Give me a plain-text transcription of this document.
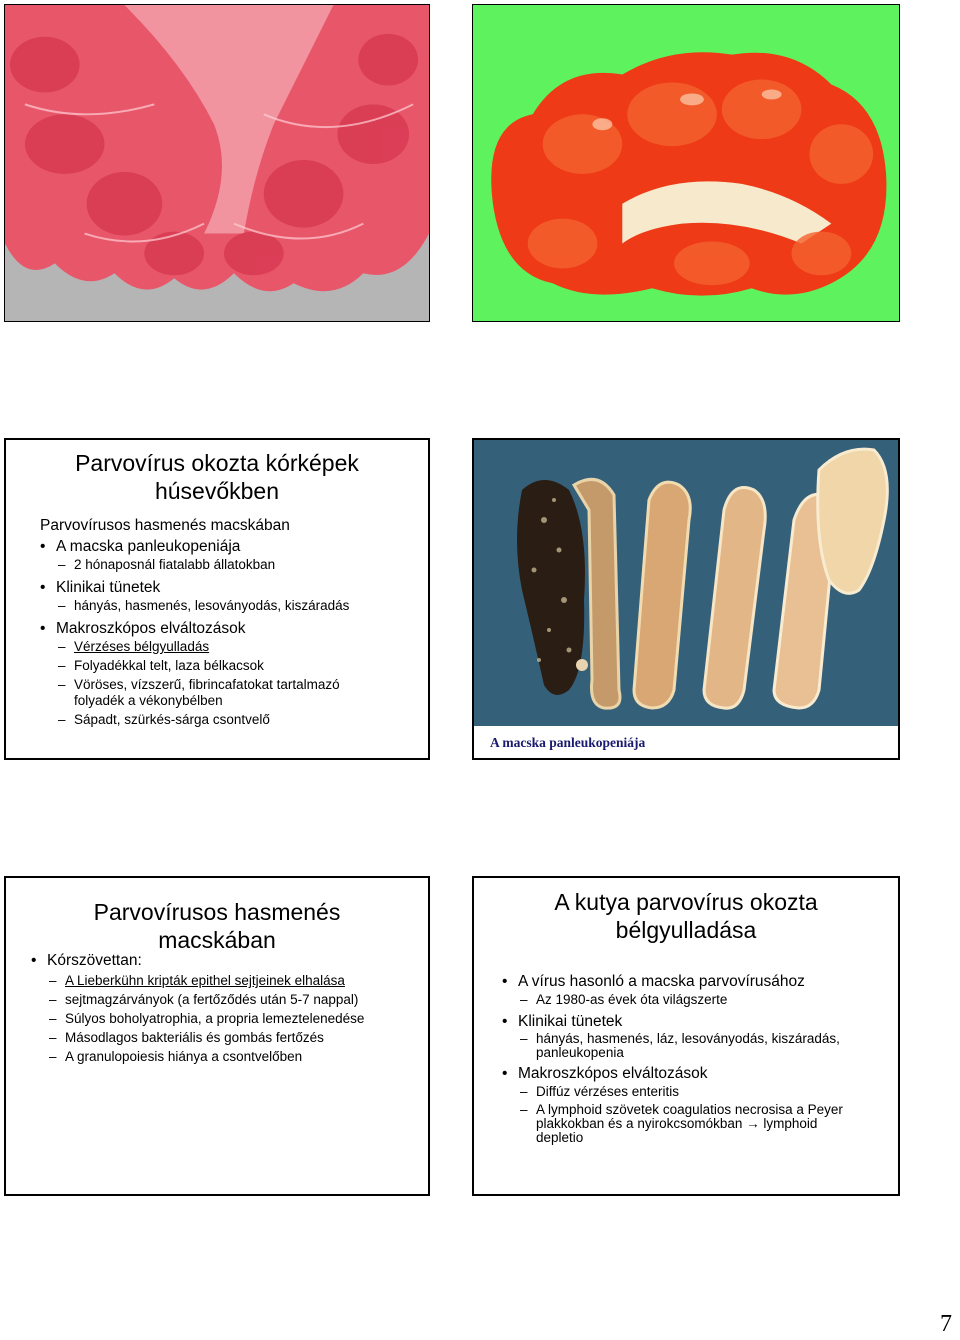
Parvovírus okozta kórképek
húsevőkben
Parvovírusos hasmenés macskában
• A macska panleukopeniája
– 2 hónaposnál fiatalabb állatokban
• Klinikai tünetek
– hányás, hasmenés, lesoványodás, kiszáradás
• Makroszkópos elváltozások
– Vérzéses bélgyulladás
– Folyadékkal telt, laza bélkacsok
– Vöröses, vízszerű, fibrincafatokat tartalmazó
folyadék a vékonybélben
– Sápadt, szürkés-sárga csontvelő
A macska panleukopeniája
Parvovírusos hasmenés
macskában
• Kórszövettan:
– A Lieberkühn kripták epithel sejtjeinek elhalása
– sejtmagzárványok (a fertőződés után 5-7 nappal)
– Súlyos boholyatrophia, a propria lemeztelenedése
– Másodlagos bakteriális és gombás fertőzés
– A granulopoiesis hiánya a csontvelőben
A kutya parvovírus okozta
bélgyulladása
• A vírus hasonló a macska parvovírusához
– Az 1980-as évek óta világszerte
• Klinikai tünetek
– hányás, hasmenés, láz, lesoványodás, kiszáradás,
panleukopenia
• Makroszkópos elváltozások
– Diffúz vérzéses enteritis
– A lymphoid szövetek coagulatios necrosisa a Peyer
plakkokban és a nyirokcsomókban → lymphoid
depletio
7
